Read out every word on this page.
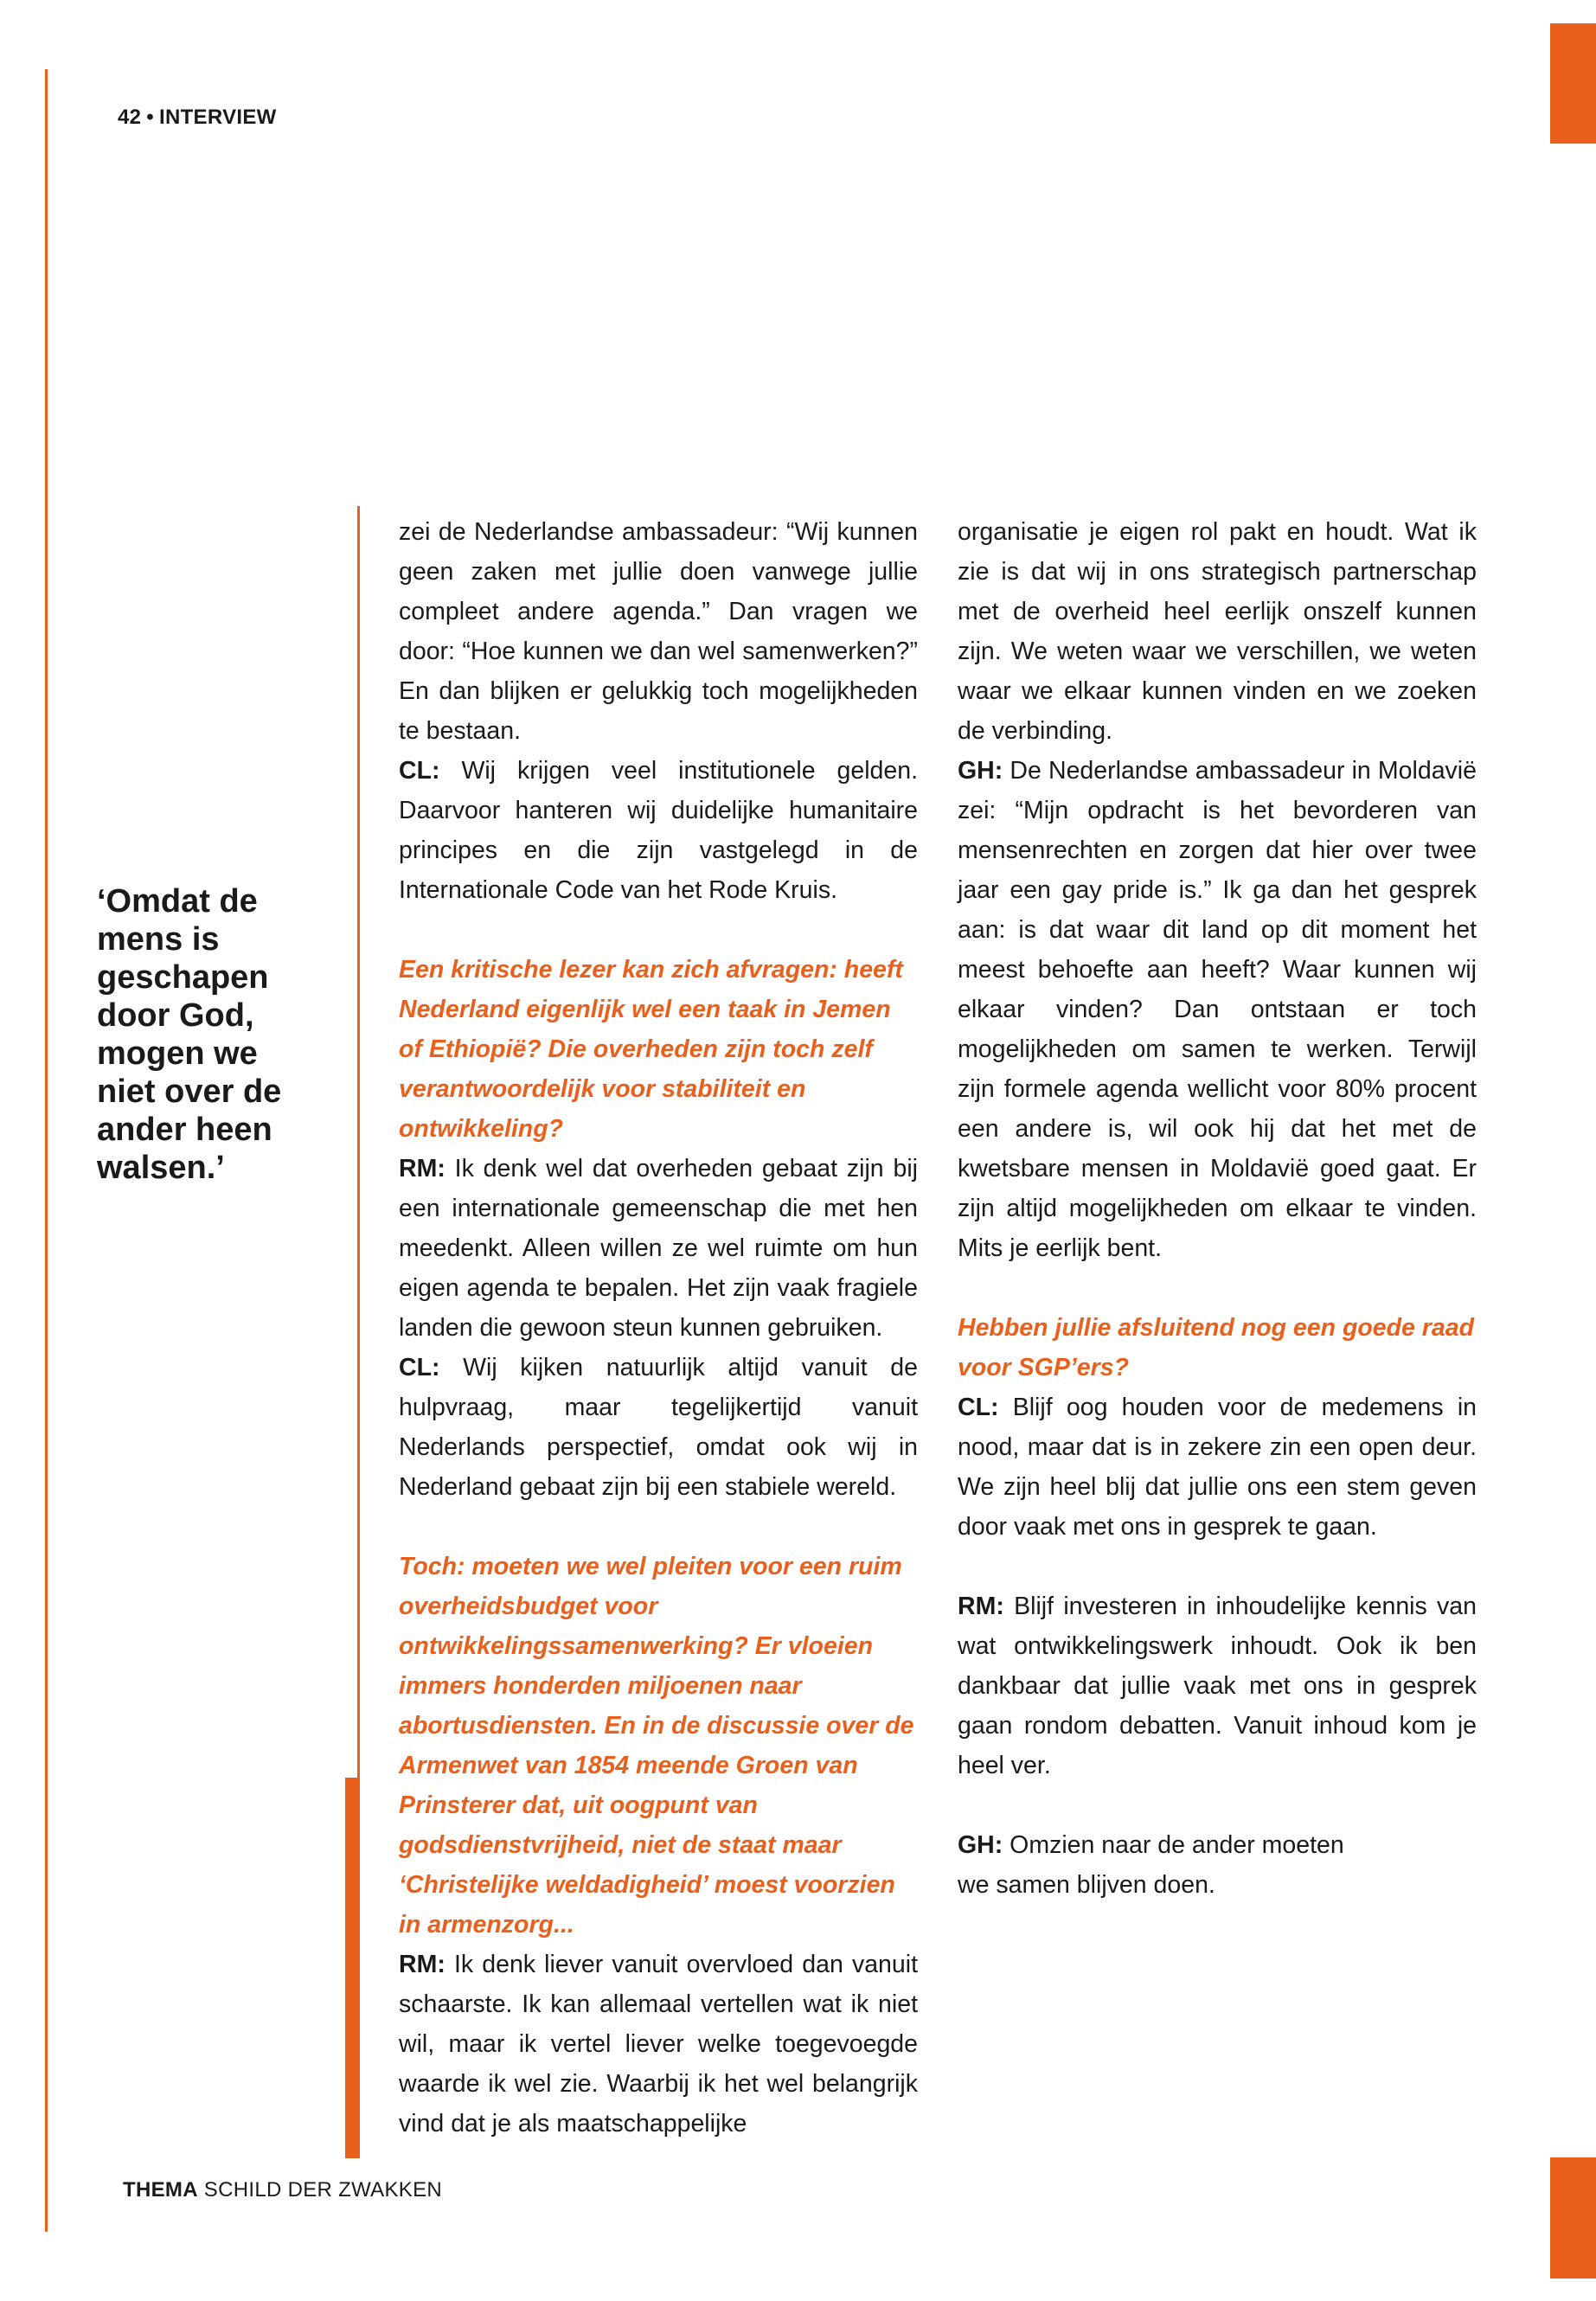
42 • INTERVIEW
‘Omdat de mens is geschapen door God, mogen we niet over de ander heen walsen.’

zei de Nederlandse ambassadeur: “Wij kunnen geen zaken met jullie doen vanwege jullie compleet andere agenda.” Dan vragen we door: “Hoe kunnen we dan wel samenwerken?” En dan blijken er gelukkig toch mogelijkheden te bestaan.

CL: Wij krijgen veel institutionele gelden. Daarvoor hanteren wij duidelijke humanitaire principes en die zijn vastgelegd in de Internationale Code van het Rode Kruis.

Een kritische lezer kan zich afvragen: heeft Nederland eigenlijk wel een taak in Jemen of Ethiopië? Die overheden zijn toch zelf verantwoordelijk voor stabiliteit en ontwikkeling?

RM: Ik denk wel dat overheden gebaat zijn bij een internationale gemeenschap die met hen meedenkt. Alleen willen ze wel ruimte om hun eigen agenda te bepalen. Het zijn vaak fragiele landen die gewoon steun kunnen gebruiken.

CL: Wij kijken natuurlijk altijd vanuit de hulpvraag, maar tegelijkertijd vanuit Nederlands perspectief, omdat ook wij in Nederland gebaat zijn bij een stabiele wereld.

Toch: moeten we wel pleiten voor een ruim overheidsbudget voor ontwikkelingssamenwerking? Er vloeien immers honderden miljoenen naar abortusdiensten. En in de discussie over de Armenwet van 1854 meende Groen van Prinsterer dat, uit oogpunt van godsdienstvrijheid, niet de staat maar ‘Christelijke weldadigheid’ moest voorzien in armenzorg...

RM: Ik denk liever vanuit overvloed dan vanuit schaarste. Ik kan allemaal vertellen wat ik niet wil, maar ik vertel liever welke toegevoegde waarde ik wel zie. Waarbij ik het wel belangrijk vind dat je als maatschappelijke

organisatie je eigen rol pakt en houdt. Wat ik zie is dat wij in ons strategisch partnerschap met de overheid heel eerlijk onszelf kunnen zijn. We weten waar we verschillen, we weten waar we elkaar kunnen vinden en we zoeken de verbinding.

GH: De Nederlandse ambassadeur in Moldavië zei: “Mijn opdracht is het bevorderen van mensenrechten en zorgen dat hier over twee jaar een gay pride is.” Ik ga dan het gesprek aan: is dat waar dit land op dit moment het meest behoefte aan heeft? Waar kunnen wij elkaar vinden? Dan ontstaan er toch mogelijkheden om samen te werken. Terwijl zijn formele agenda wellicht voor 80% procent een andere is, wil ook hij dat het met de kwetsbare mensen in Moldavië goed gaat. Er zijn altijd mogelijkheden om elkaar te vinden. Mits je eerlijk bent.

Hebben jullie afsluitend nog een goede raad voor SGP’ers?

CL: Blijf oog houden voor de medemens in nood, maar dat is in zekere zin een open deur. We zijn heel blij dat jullie ons een stem geven door vaak met ons in gesprek te gaan.

RM: Blijf investeren in inhoudelijke kennis van wat ontwikkelingswerk inhoudt. Ook ik ben dankbaar dat jullie vaak met ons in gesprek gaan rondom debatten. Vanuit inhoud kom je heel ver.

GH: Omzien naar de ander moeten
we samen blijven doen.

THEMA SCHILD DER ZWAKKEN
